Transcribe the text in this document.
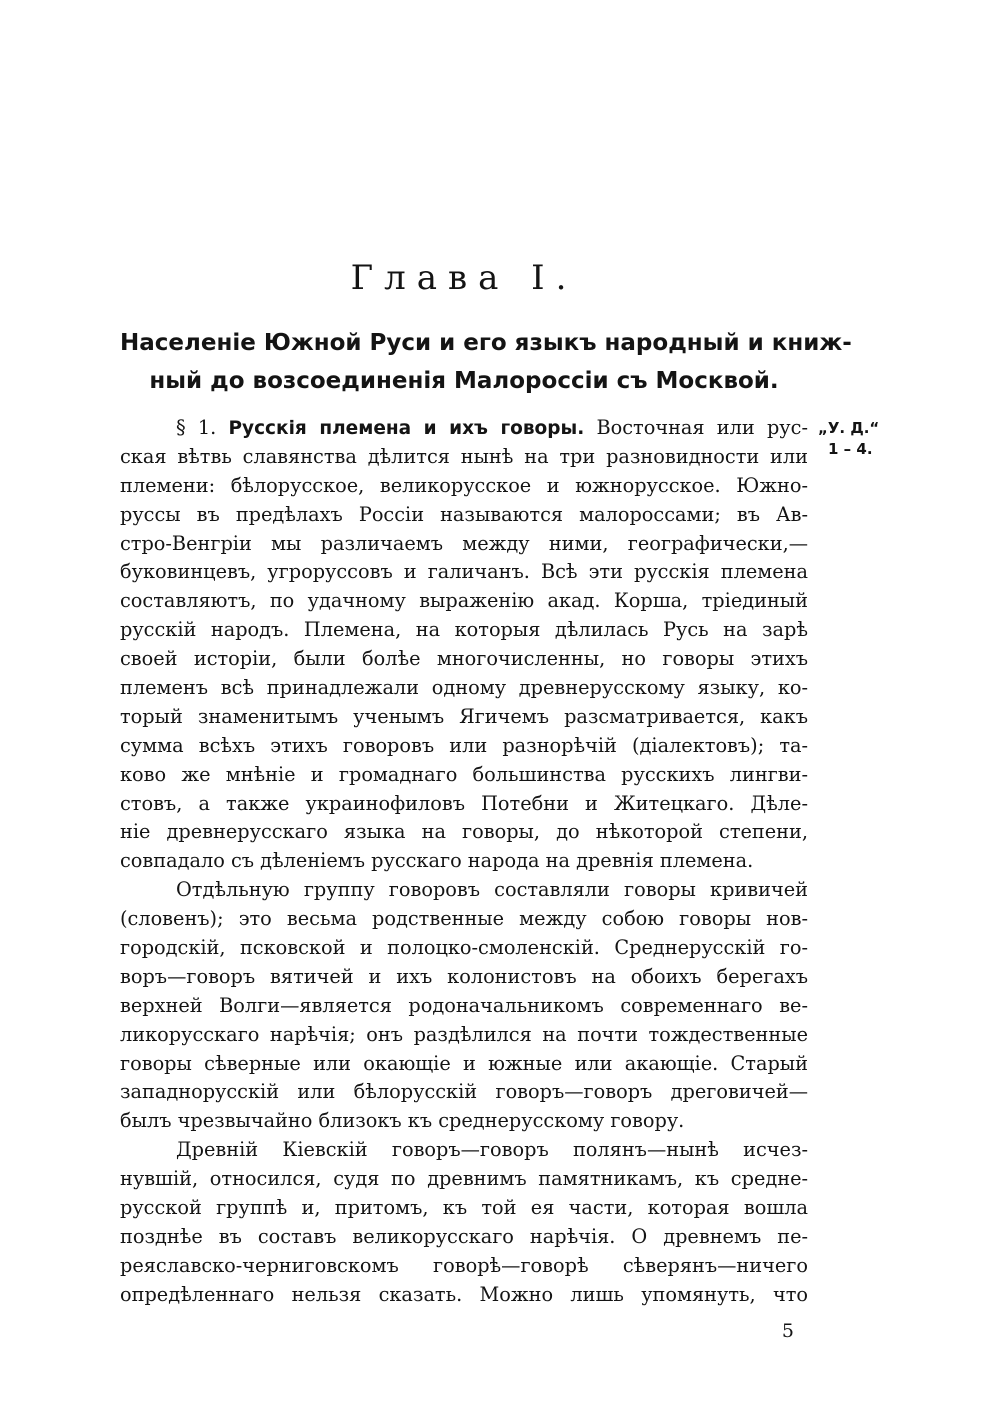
Глава I.
Населеніе Южной Руси и его языкъ народный и книж-
ный до возсоединенія Малороссіи съ Москвой.
„У. Д.“
1 – 4.
§ 1. Русскія племена и ихъ говоры. Восточная или рус-
ская вѣтвь славянства дѣлится нынѣ на три разновидности или
племени: бѣлорусское, великорусское и южнорусское. Южно-
руссы въ предѣлахъ Россіи называются малороссами; въ Ав-
стро-Венгріи мы различаемъ между ними, географически,—
буковинцевъ, угроруссовъ и галичанъ. Всѣ эти русскія племена
составляютъ, по удачному выраженію акад. Корша, тріединый
русскій народъ. Племена, на которыя дѣлилась Русь на зарѣ
своей исторіи, были болѣе многочисленны, но говоры этихъ
племенъ всѣ принадлежали одному древнерусскому языку, ко-
торый знаменитымъ ученымъ Ягичемъ разсматривается, какъ
сумма всѣхъ этихъ говоровъ или разнорѣчій (діалектовъ); та-
ково же мнѣніе и громаднаго большинства русскихъ лингви-
стовъ, а также украинофиловъ Потебни и Житецкаго. Дѣле-
ніе древнерусскаго языка на говоры, до нѣкоторой степени,
совпадало съ дѣленіемъ русскаго народа на древнія племена.
Отдѣльную группу говоровъ составляли говоры кривичей
(словенъ); это весьма родственные между собою говоры нов-
городскій, псковской и полоцко-смоленскій. Среднерусскій го-
воръ—говоръ вятичей и ихъ колонистовъ на обоихъ берегахъ
верхней Волги—является родоначальникомъ современнаго ве-
ликорусскаго нарѣчія; онъ раздѣлился на почти тождественные
говоры сѣверные или окающіе и южные или акающіе. Старый
западнорусскій или бѣлорусскій говоръ—говоръ дреговичей—
былъ чрезвычайно близокъ къ среднерусскому говору.
Древній Кіевскій говоръ—говоръ полянъ—нынѣ исчез-
нувшій, относился, судя по древнимъ памятникамъ, къ средне-
русской группѣ и, притомъ, къ той ея части, которая вошла
позднѣе въ составъ великорусскаго нарѣчія. О древнемъ пе-
реяславско-черниговскомъ говорѣ—говорѣ сѣверянъ—ничего
опредѣленнаго нельзя сказать. Можно лишь упомянуть, что
5
